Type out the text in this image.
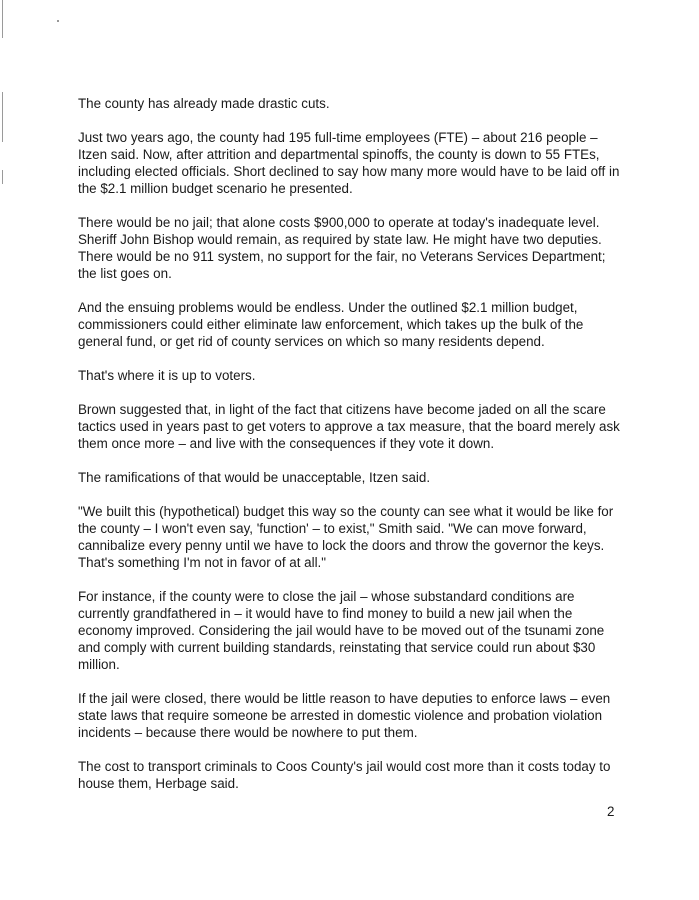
The county has already made drastic cuts.

Just two years ago, the county had 195 full-time employees (FTE) – about 216 people – Itzen said. Now, after attrition and departmental spinoffs, the county is down to 55 FTEs, including elected officials. Short declined to say how many more would have to be laid off in the $2.1 million budget scenario he presented.

There would be no jail; that alone costs $900,000 to operate at today's inadequate level. Sheriff John Bishop would remain, as required by state law. He might have two deputies. There would be no 911 system, no support for the fair, no Veterans Services Department; the list goes on.

And the ensuing problems would be endless. Under the outlined $2.1 million budget, commissioners could either eliminate law enforcement, which takes up the bulk of the general fund, or get rid of county services on which so many residents depend.

That's where it is up to voters.

Brown suggested that, in light of the fact that citizens have become jaded on all the scare tactics used in years past to get voters to approve a tax measure, that the board merely ask them once more – and live with the consequences if they vote it down.

The ramifications of that would be unacceptable, Itzen said.

"We built this (hypothetical) budget this way so the county can see what it would be like for the county – I won't even say, 'function' – to exist," Smith said. "We can move forward, cannibalize every penny until we have to lock the doors and throw the governor the keys. That's something I'm not in favor of at all."

For instance, if the county were to close the jail – whose substandard conditions are currently grandfathered in – it would have to find money to build a new jail when the economy improved. Considering the jail would have to be moved out of the tsunami zone and comply with current building standards, reinstating that service could run about $30 million.

If the jail were closed, there would be little reason to have deputies to enforce laws – even state laws that require someone be arrested in domestic violence and probation violation incidents – because there would be nowhere to put them.

The cost to transport criminals to Coos County's jail would cost more than it costs today to house them, Herbage said.

2
